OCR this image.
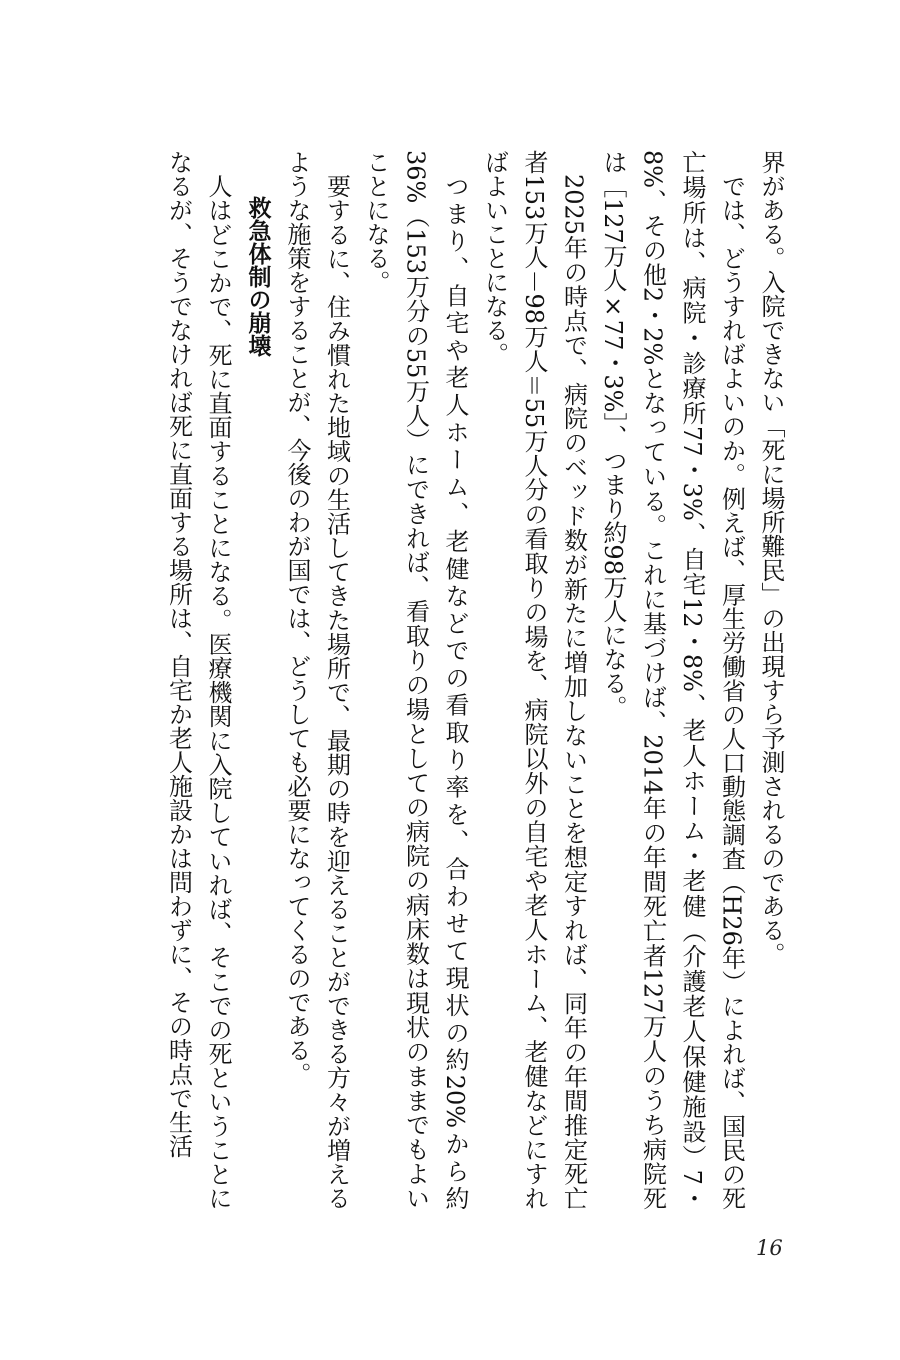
界がある。入院できない「死に場所難民」の出現すら予測されるのである。

では、どうすればよいのか。例えば、厚生労働省の人口動態調査（H26年）によれば、国民の死亡場所は、病院・診療所77・3%、自宅12・8%、老人ホーム・老健（介護老人保健施設）7・8%、その他2・2%となっている。これに基づけば、2014年の年間死亡者127万人のうち病院死は［127万人×77・3%］、つまり約98万人になる。

2025年の時点で、病院のベッド数が新たに増加しないことを想定すれば、同年の年間推定死亡者153万人－98万人＝55万人分の看取りの場を、病院以外の自宅や老人ホーム、老健などにすればよいことになる。

つまり、自宅や老人ホーム、老健などでの看取り率を、合わせて現状の約20%から約36%（153万分の55万人）にできれば、看取りの場としての病院の病床数は現状のままでもよいことになる。

要するに、住み慣れた地域の生活してきた場所で、最期の時を迎えることができる方々が増えるような施策をすることが、今後のわが国では、どうしても必要になってくるのである。

救急体制の崩壊

人はどこかで、死に直面することになる。医療機関に入院していれば、そこでの死ということになるが、そうでなければ死に直面する場所は、自宅か老人施設かは問わずに、その時点で生活

16
